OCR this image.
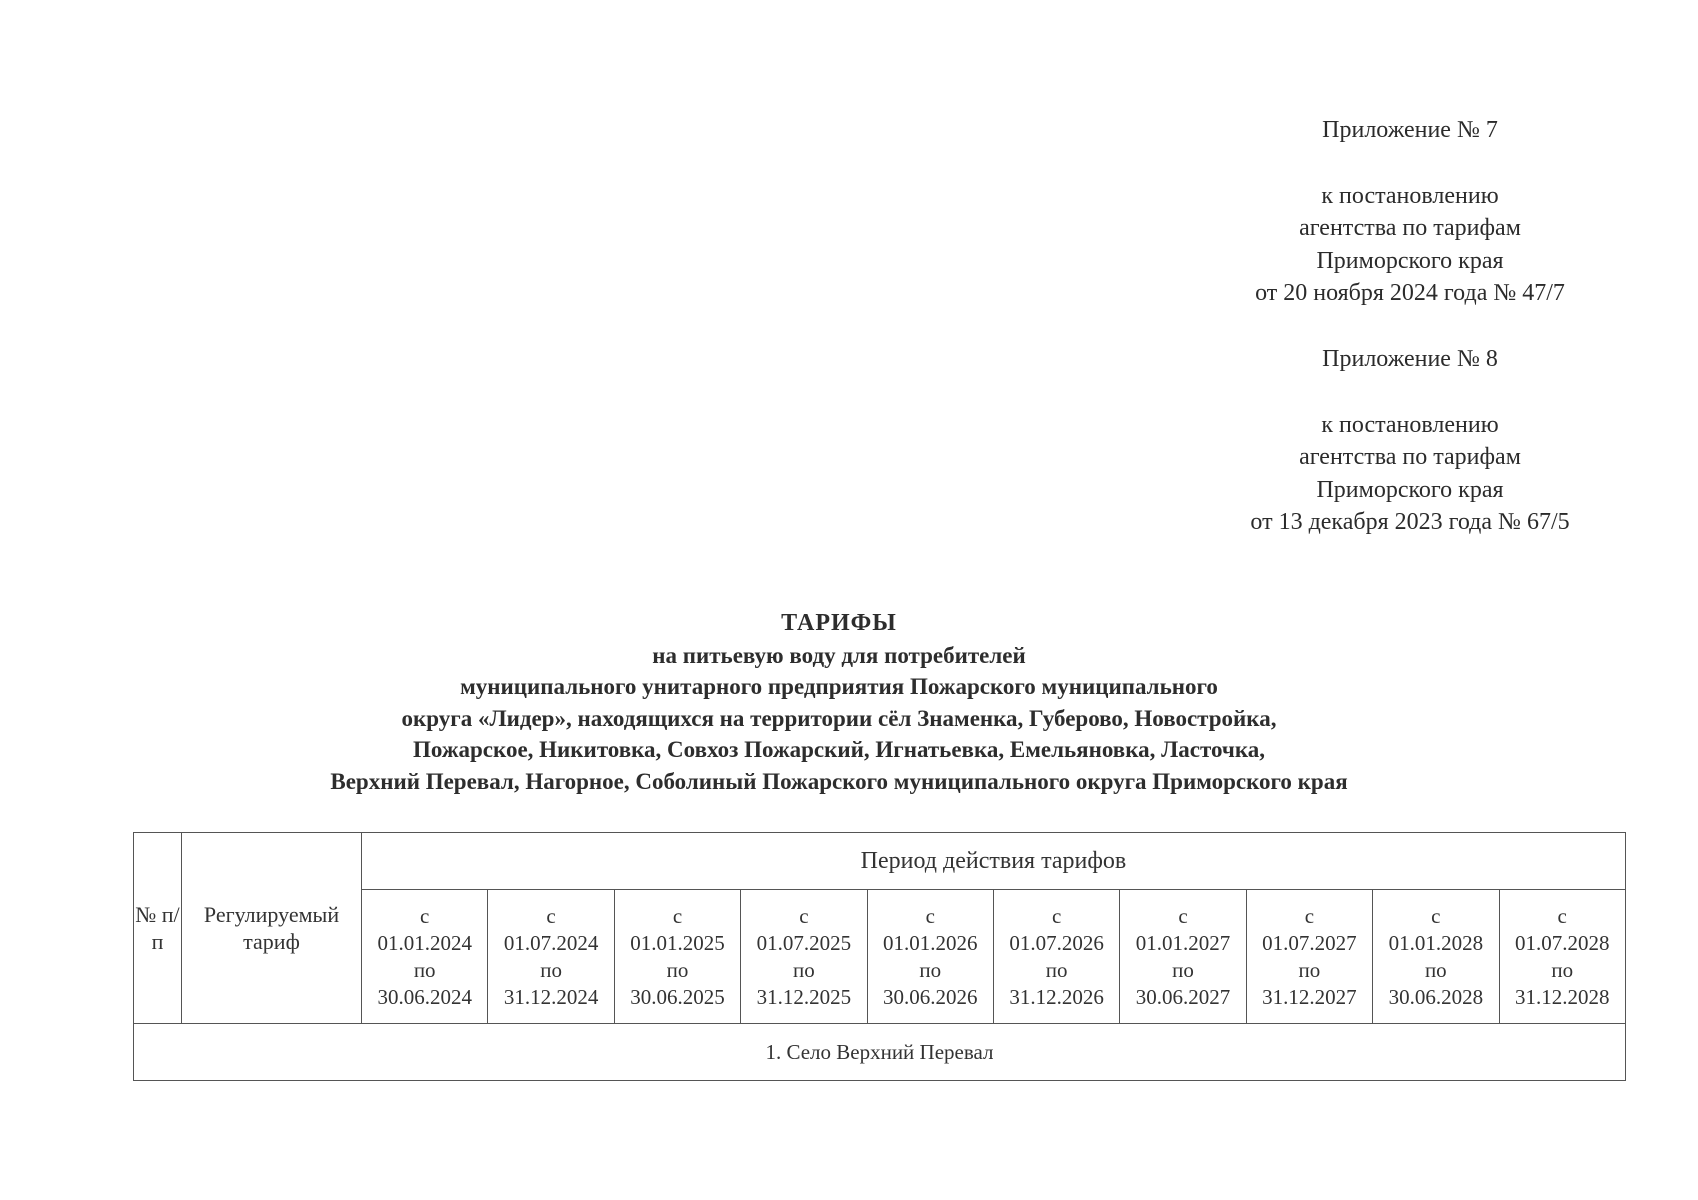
Приложение № 7
к постановлению
агентства по тарифам
Приморского края
от 20 ноября 2024 года № 47/7
Приложение № 8
к постановлению
агентства по тарифам
Приморского края
от 13 декабря 2023 года № 67/5
ТАРИФЫ
на питьевую воду для потребителей
муниципального унитарного предприятия Пожарского муниципального
округа «Лидер», находящихся на территории сёл Знаменка, Губерово, Новостройка,
Пожарское, Никитовка, Совхоз Пожарский, Игнатьевка, Емельяновка, Ласточка,
Верхний Перевал, Нагорное, Соболиный Пожарского муниципального округа Приморского края
№ п/п	Регулируемый тариф	Период действия тарифов									

		с
01.01.2024
по
30.06.2024	с
01.07.2024
по
31.12.2024	с
01.01.2025
по
30.06.2025	с
01.07.2025
по
31.12.2025	с
01.01.2026
по
30.06.2026	с
01.07.2026
по
31.12.2026	с
01.01.2027
по
30.06.2027	с
01.07.2027
по
31.12.2027	с
01.01.2028
по
30.06.2028	с
01.07.2028
по
31.12.2028

1. Село Верхний Перевал											
